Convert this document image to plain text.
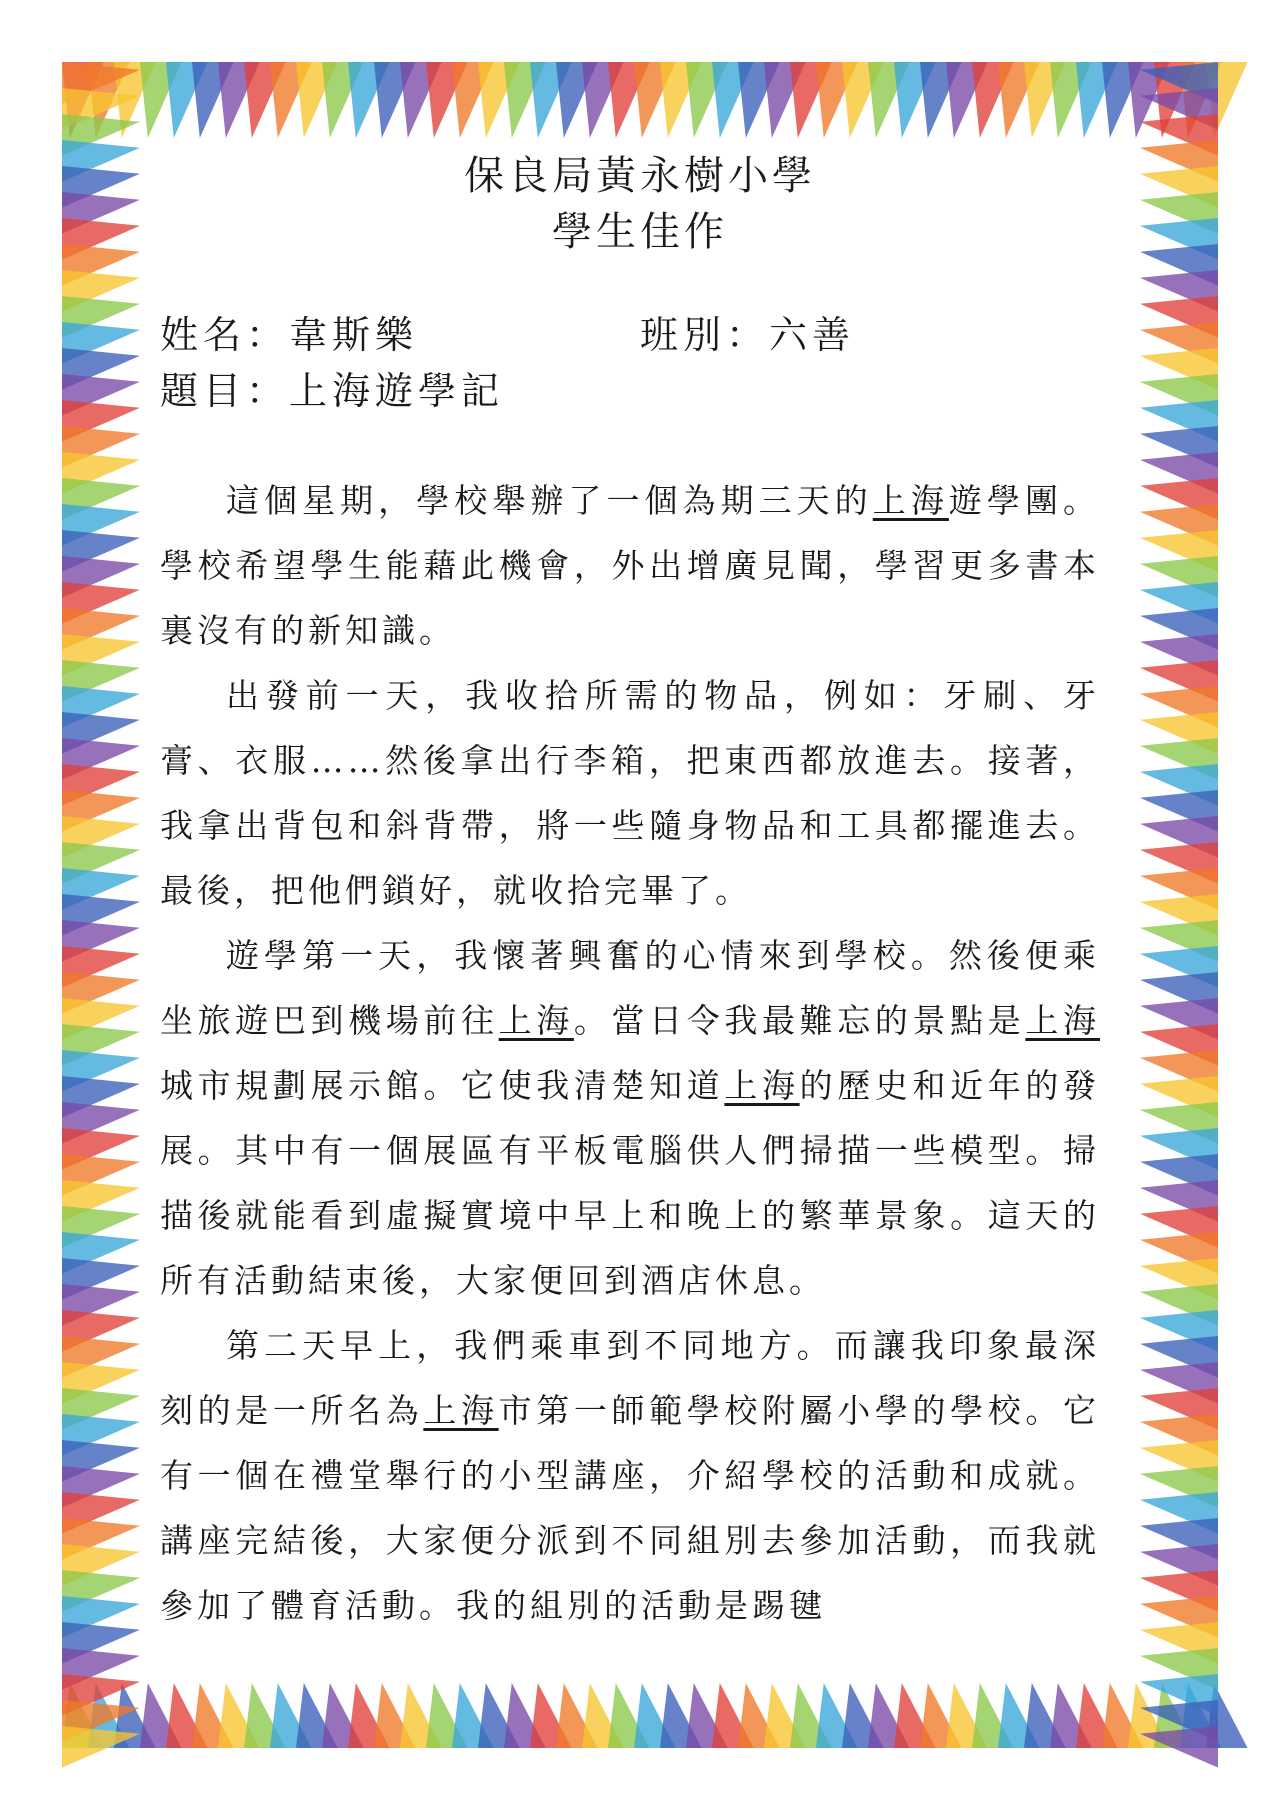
保良局黃永樹小學
學生佳作
姓名：韋斯樂	班別：六善
題目：上海遊學記

這個星期，學校舉辦了一個為期三天的上海遊學團。學校希望學生能藉此機會，外出增廣見聞，學習更多書本裏沒有的新知識。

出發前一天，我收拾所需的物品，例如：牙刷、牙膏、衣服……然後拿出行李箱，把東西都放進去。接著，我拿出背包和斜背帶，將一些隨身物品和工具都擺進去。最後，把他們鎖好，就收拾完畢了。

遊學第一天，我懷著興奮的心情來到學校。然後便乘坐旅遊巴到機場前往上海。當日令我最難忘的景點是上海城市規劃展示館。它使我清楚知道上海的歷史和近年的發展。其中有一個展區有平板電腦供人們掃描一些模型。掃描後就能看到虛擬實境中早上和晚上的繁華景象。這天的所有活動結束後，大家便回到酒店休息。

第二天早上，我們乘車到不同地方。而讓我印象最深刻的是一所名為上海市第一師範學校附屬小學的學校。它有一個在禮堂舉行的小型講座，介紹學校的活動和成就。講座完結後，大家便分派到不同組別去參加活動，而我就參加了體育活動。我的組別的活動是踢毽
